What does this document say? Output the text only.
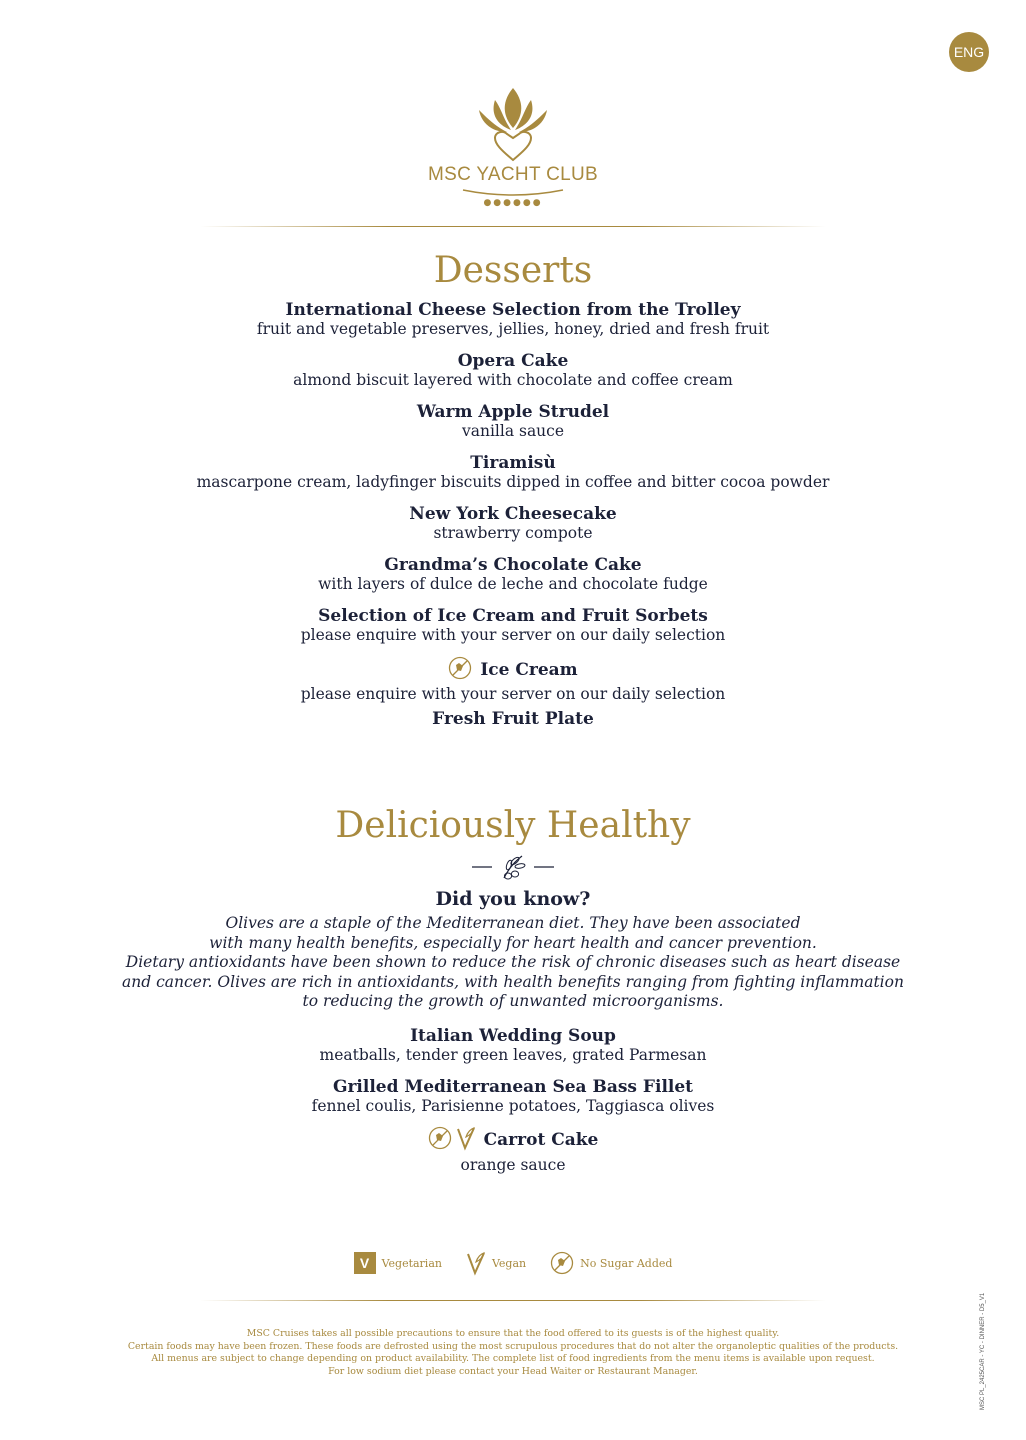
ENG
MSC YACHT CLUB
●●●●●●
Desserts
International Cheese Selection from the Trolley
fruit and vegetable preserves, jellies, honey, dried and fresh fruit
Opera Cake
almond biscuit layered with chocolate and coffee cream
Warm Apple Strudel
vanilla sauce
Tiramisù
mascarpone cream, ladyfinger biscuits dipped in coffee and bitter cocoa powder
New York Cheesecake
strawberry compote
Grandma’s Chocolate Cake
with layers of dulce de leche and chocolate fudge
Selection of Ice Cream and Fruit Sorbets
please enquire with your server on our daily selection
Ice Cream
please enquire with your server on our daily selection
Fresh Fruit Plate
Deliciously Healthy
Did you know?
Olives are a staple of the Mediterranean diet. They have been associated
with many health benefits, especially for heart health and cancer prevention.
Dietary antioxidants have been shown to reduce the risk of chronic diseases such as heart disease
and cancer. Olives are rich in antioxidants, with health benefits ranging from fighting inflammation
to reducing the growth of unwanted microorganisms.
Italian Wedding Soup
meatballs, tender green leaves, grated Parmesan
Grilled Mediterranean Sea Bass Fillet
fennel coulis, Parisienne potatoes, Taggiasca olives
Carrot Cake
orange sauce
V	Vegetarian	Vegan	No Sugar Added
MSC Cruises takes all possible precautions to ensure that the food offered to its guests is of the highest quality.
Certain foods may have been frozen. These foods are defrosted using the most scrupulous procedures that do not alter the organoleptic qualities of the products.
All menus are subject to change depending on product availability. The complete list of food ingredients from the menu items is available upon request.
For low sodium diet please contact your Head Waiter or Restaurant Manager.	MSC PL_2425CAR - YC - DINNER - D5_V1
